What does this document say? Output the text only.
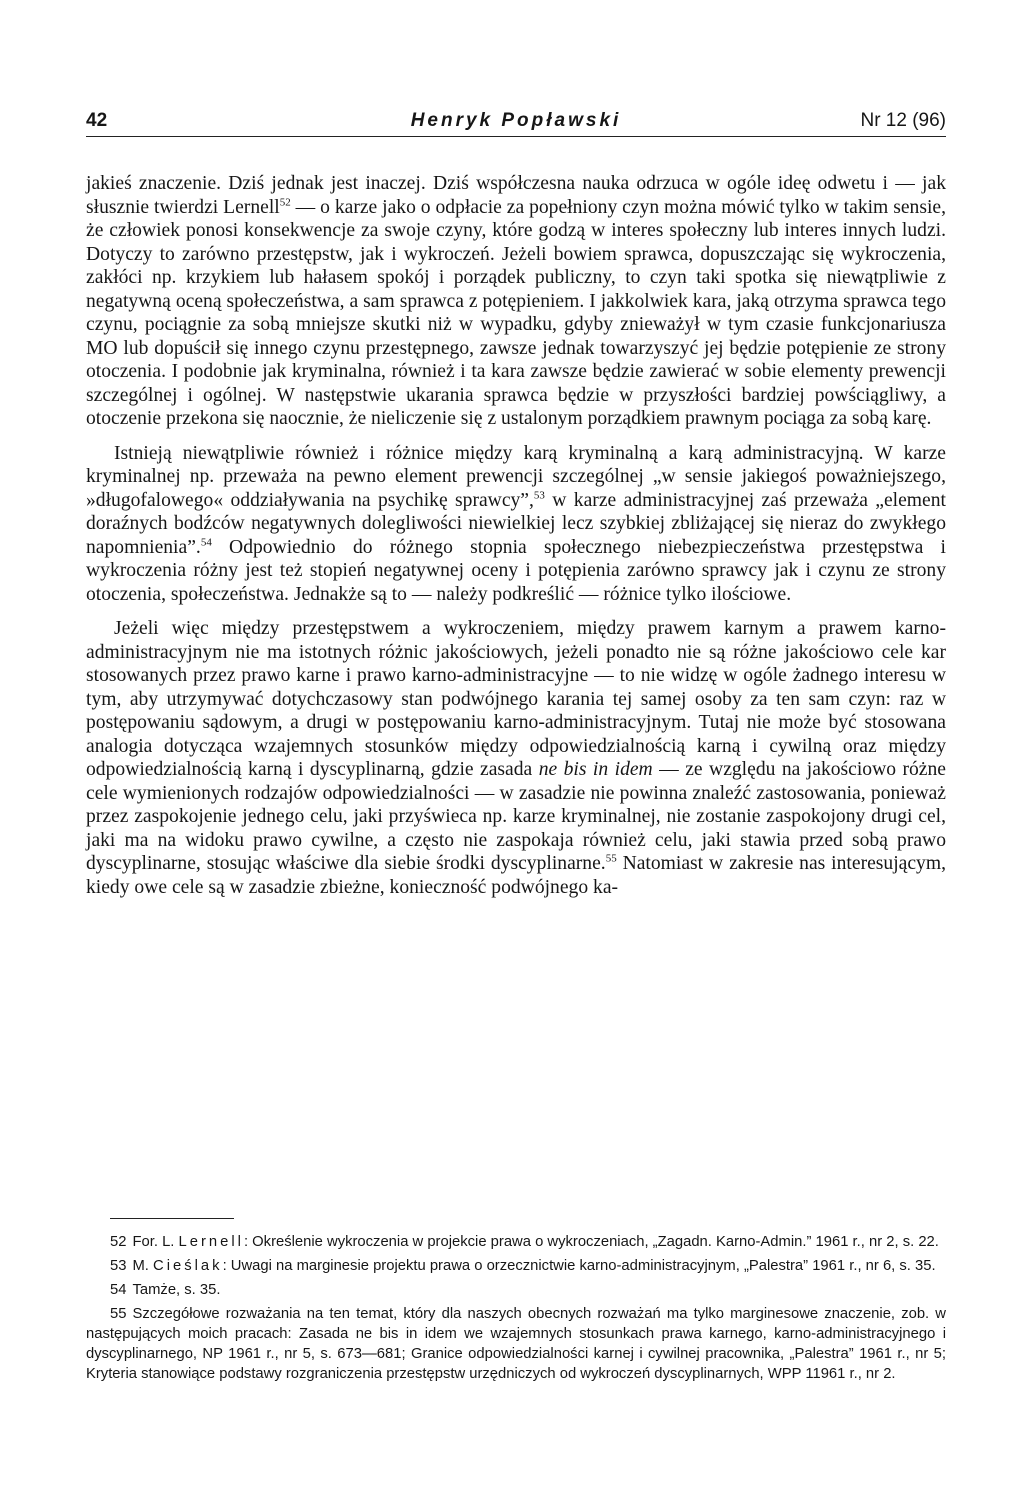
42	Henryk Popławski	Nr 12 (96)

jakieś znaczenie. Dziś jednak jest inaczej. Dziś współczesna nauka odrzuca w ogóle ideę odwetu i — jak słusznie twierdzi Lernell$^{52}$ — o karze jako o odpłacie za popełniony czyn można mówić tylko w takim sensie, że człowiek ponosi konsekwencje za swoje czyny, które godzą w interes społeczny lub interes innych ludzi. Dotyczy to zarówno przestępstw, jak i wykroczeń. Jeżeli bowiem sprawca, dopuszczając się wykroczenia, zakłóci np. krzykiem lub hałasem spokój i porządek publiczny, to czyn taki spotka się niewątpliwie z negatywną oceną społeczeństwa, a sam sprawca z potępieniem. I jakkolwiek kara, jaką otrzyma sprawca tego czynu, pociągnie za sobą mniejsze skutki niż w wypadku, gdyby znieważył w tym czasie funkcjonariusza MO lub dopuścił się innego czynu przestępnego, zawsze jednak towarzyszyć jej będzie potępienie ze strony otoczenia. I podobnie jak kryminalna, również i ta kara zawsze będzie zawierać w sobie elementy prewencji szczególnej i ogólnej. W następstwie ukarania sprawca będzie w przyszłości bardziej powściągliwy, a otoczenie przekona się naocznie, że nieliczenie się z ustalonym porządkiem prawnym pociąga za sobą karę.

Istnieją niewątpliwie również i różnice między karą kryminalną a karą administracyjną. W karze kryminalnej np. przeważa na pewno element prewencji szczególnej „w sensie jakiegoś poważniejszego, »długofalowego« oddziaływania na psychikę sprawcy”,$^{53}$ w karze administracyjnej zaś przeważa „element doraźnych bodźców negatywnych dolegliwości niewielkiej lecz szybkiej zbliżającej się nieraz do zwykłego napomnienia”.$^{54}$ Odpowiednio do różnego stopnia społecznego niebezpieczeństwa przestępstwa i wykroczenia różny jest też stopień negatywnej oceny i potępienia zarówno sprawcy jak i czynu ze strony otoczenia, społeczeństwa. Jednakże są to — należy podkreślić — różnice tylko ilościowe.

Jeżeli więc między przestępstwem a wykroczeniem, między prawem karnym a prawem karno-administracyjnym nie ma istotnych różnic jakościowych, jeżeli ponadto nie są różne jakościowo cele kar stosowanych przez prawo karne i prawo karno-administracyjne — to nie widzę w ogóle żadnego interesu w tym, aby utrzymywać dotychczasowy stan podwójnego karania tej samej osoby za ten sam czyn: raz w postępowaniu sądowym, a drugi w postępowaniu karno-administracyjnym. Tutaj nie może być stosowana analogia dotycząca wzajemnych stosunków między odpowiedzialnością karną i cywilną oraz między odpowiedzialnością karną i dyscyplinarną, gdzie zasada ne bis in idem — ze względu na jakościowo różne cele wymienionych rodzajów odpowiedzialności — w zasadzie nie powinna znaleźć zastosowania, ponieważ przez zaspokojenie jednego celu, jaki przyświeca np. karze kryminalnej, nie zostanie zaspokojony drugi cel, jaki ma na widoku prawo cywilne, a często nie zaspokaja również celu, jaki stawia przed sobą prawo dyscyplinarne, stosując właściwe dla siebie środki dyscyplinarne.$^{55}$ Natomiast w zakresie nas interesującym, kiedy owe cele są w zasadzie zbieżne, konieczność podwójnego ka-

52 For. L. Lernell: Określenie wykroczenia w projekcie prawa o wykroczeniach, „Zagadn. Karno-Admin.” 1961 r., nr 2, s. 22.

53 M. Cieślak: Uwagi na marginesie projektu prawa o orzecznictwie karno-administracyjnym, „Palestra” 1961 r., nr 6, s. 35.

54 Tamże, s. 35.

55 Szczegółowe rozważania na ten temat, który dla naszych obecnych rozważań ma tylko marginesowe znaczenie, zob. w następujących moich pracach: Zasada ne bis in idem we wzajemnych stosunkach prawa karnego, karno-administracyjnego i dyscyplinarnego, NP 1961 r., nr 5, s. 673—681; Granice odpowiedzialności karnej i cywilnej pracownika, „Palestra” 1961 r., nr 5; Kryteria stanowiące podstawy rozgraniczenia przestępstw urzędniczych od wykroczeń dyscyplinarnych, WPP 11961 r., nr 2.
